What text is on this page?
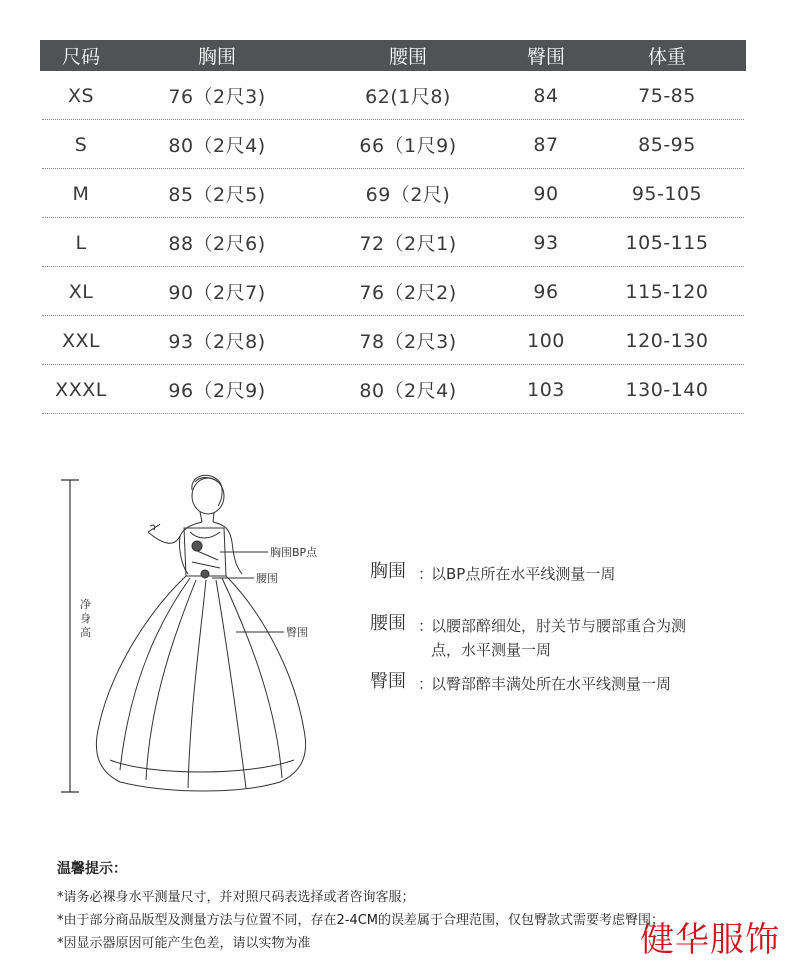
尺码	胸围	腰围	臀围	体重
XS	76（2尺3)	62(1尺8)	84	75-85
S	80（2尺4)	66（1尺9)	87	85-95
M	85（2尺5)	69（2尺)	90	95-105
L	88（2尺6)	72（2尺1)	93	105-115
XL	90（2尺7)	76（2尺2)	96	115-120
XXL	93（2尺8)	78（2尺3)	100	120-130
XXXL	96（2尺9)	80（2尺4)	103	130-140
胸围BP点
腰围
臀围
净身高
胸围 ：
以BP点所在水平线测量一周
腰围 ：
以腰部醉细处，肘关节与腰部重合为测
点，水平测量一周
臀围 ：
以臀部醉丰满处所在水平线测量一周
温馨提示：
*请务必裸身水平测量尺寸，并对照尺码表选择或者咨询客服；
*由于部分商品版型及测量方法与位置不同，存在2-4CM的误差属于合理范围，仅包臀款式需要考虑臀围；
*因显示器原因可能产生色差，请以实物为准	健华服饰
